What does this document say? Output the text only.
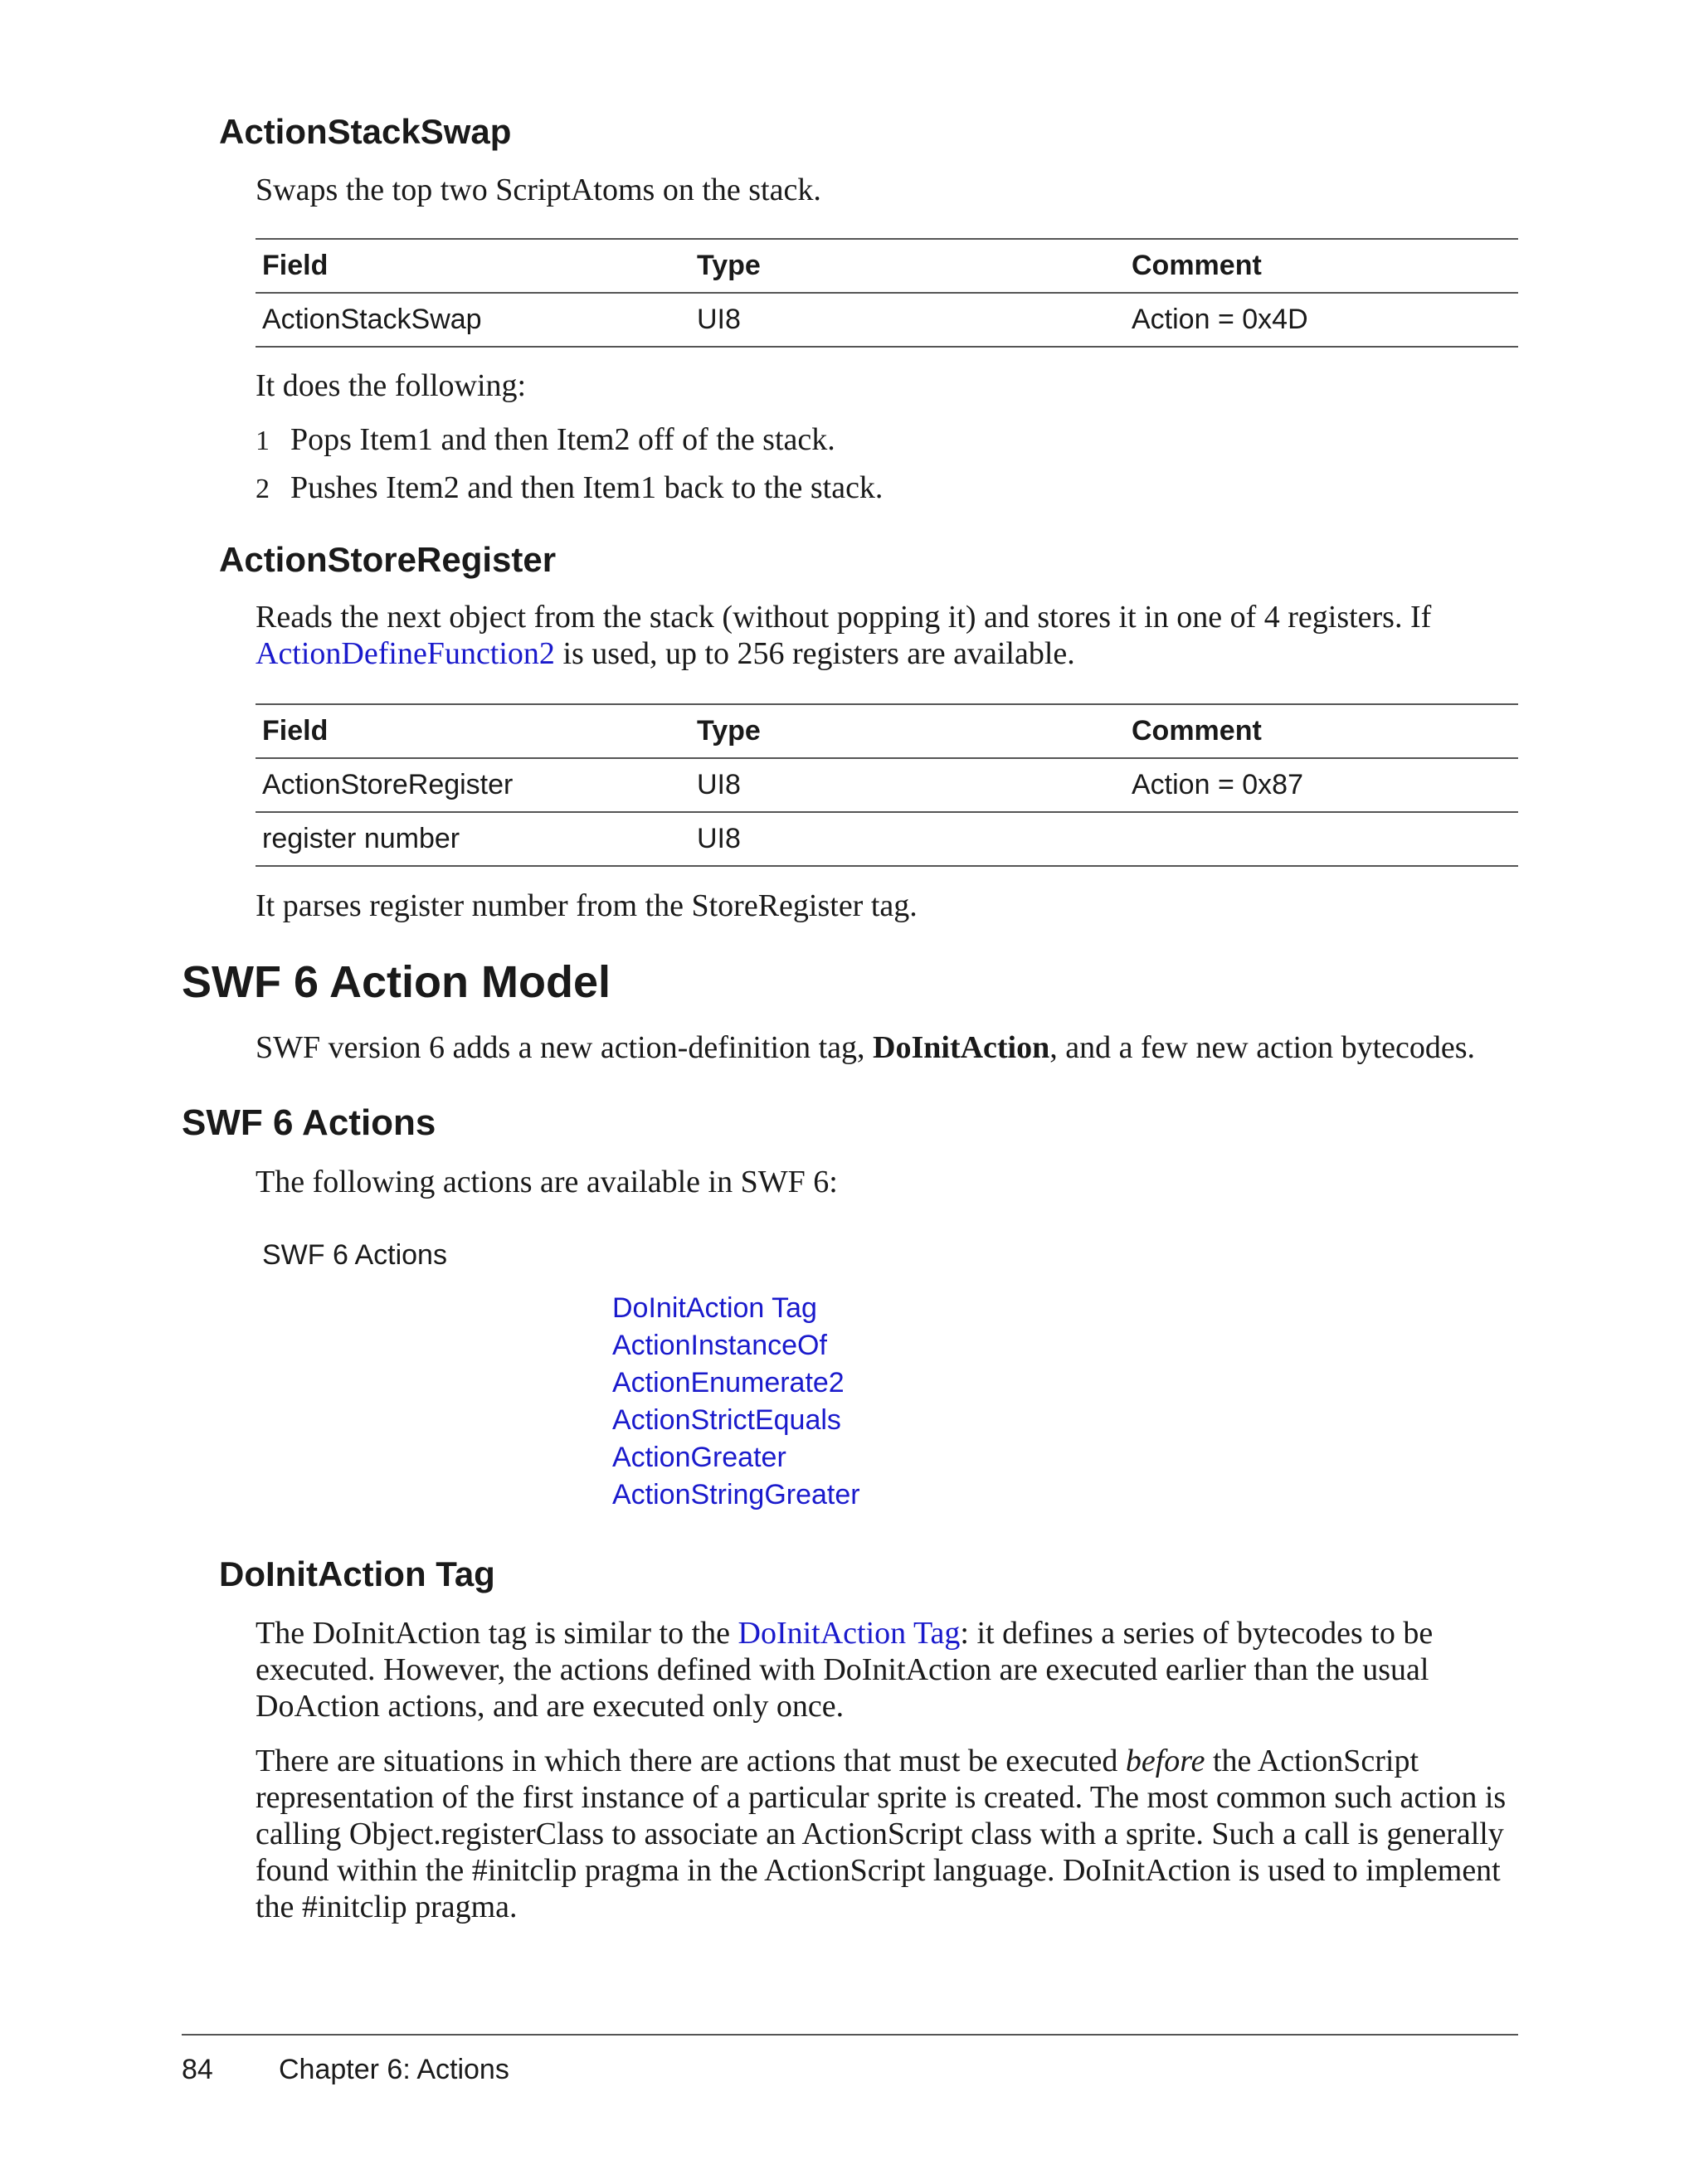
ActionStackSwap

Swaps the top two ScriptAtoms on the stack.

Field	Type	Comment
ActionStackSwap	UI8	Action = 0x4D

It does the following:

1 Pops Item1 and then Item2 off of the stack.
2 Pushes Item2 and then Item1 back to the stack.
ActionStoreRegister

Reads the next object from the stack (without popping it) and stores it in one of 4 registers. If
ActionDefineFunction2 is used, up to 256 registers are available.

Field	Type	Comment
ActionStoreRegister	UI8	Action = 0x87
register number	UI8	

It parses register number from the StoreRegister tag.

SWF 6 Action Model

SWF version 6 adds a new action-definition tag, DoInitAction, and a few new action bytecodes.

SWF 6 Actions

The following actions are available in SWF 6:

SWF 6 Actions
DoInitAction Tag
ActionInstanceOf
ActionEnumerate2
ActionStrictEquals
ActionGreater
ActionStringGreater
DoInitAction Tag

The DoInitAction tag is similar to the DoInitAction Tag: it defines a series of bytecodes to be executed. However, the actions defined with DoInitAction are executed earlier than the usual DoAction actions, and are executed only once.

There are situations in which there are actions that must be executed before the ActionScript representation of the first instance of a particular sprite is created. The most common such action is calling Object.registerClass to associate an ActionScript class with a sprite. Such a call is generally found within the #initclip pragma in the ActionScript language. DoInitAction is used to implement the #initclip pragma.

84 Chapter 6: Actions
